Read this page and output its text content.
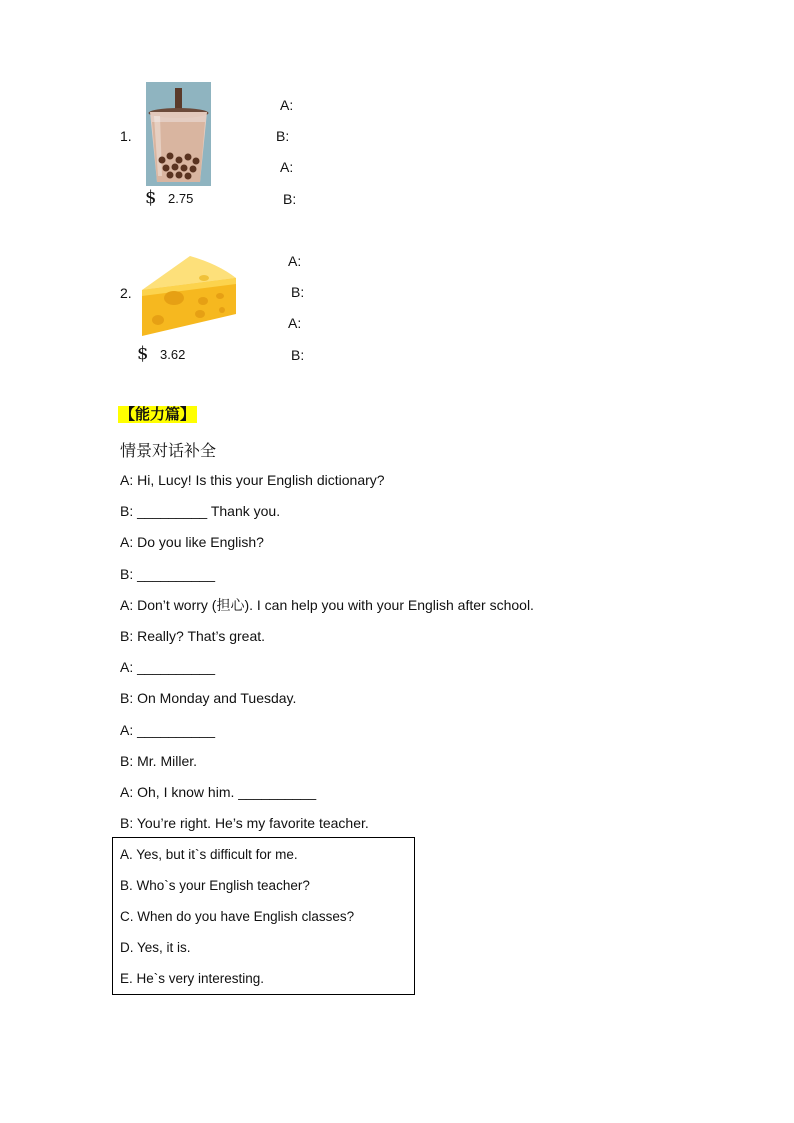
1.
$ 2.75
A:
B:
A:
B:
2.
$ 3.62
A:
B:
A:
B:
【能力篇】
情景对话补全
A: Hi, Lucy! Is this your English dictionary?
B: _________ Thank you.
A: Do you like English?
B: __________
A: Don’t worry (担心). I can help you with your English after school.
B: Really? That’s great.
A: __________
B: On Monday and Tuesday.
A: __________
B: Mr. Miller.
A: Oh, I know him. __________
B: You’re right. He’s my favorite teacher.
A. Yes, but it`s difficult for me.
B. Who`s your English teacher?
C. When do you have English classes?
D. Yes, it is.
E. He`s very interesting.
